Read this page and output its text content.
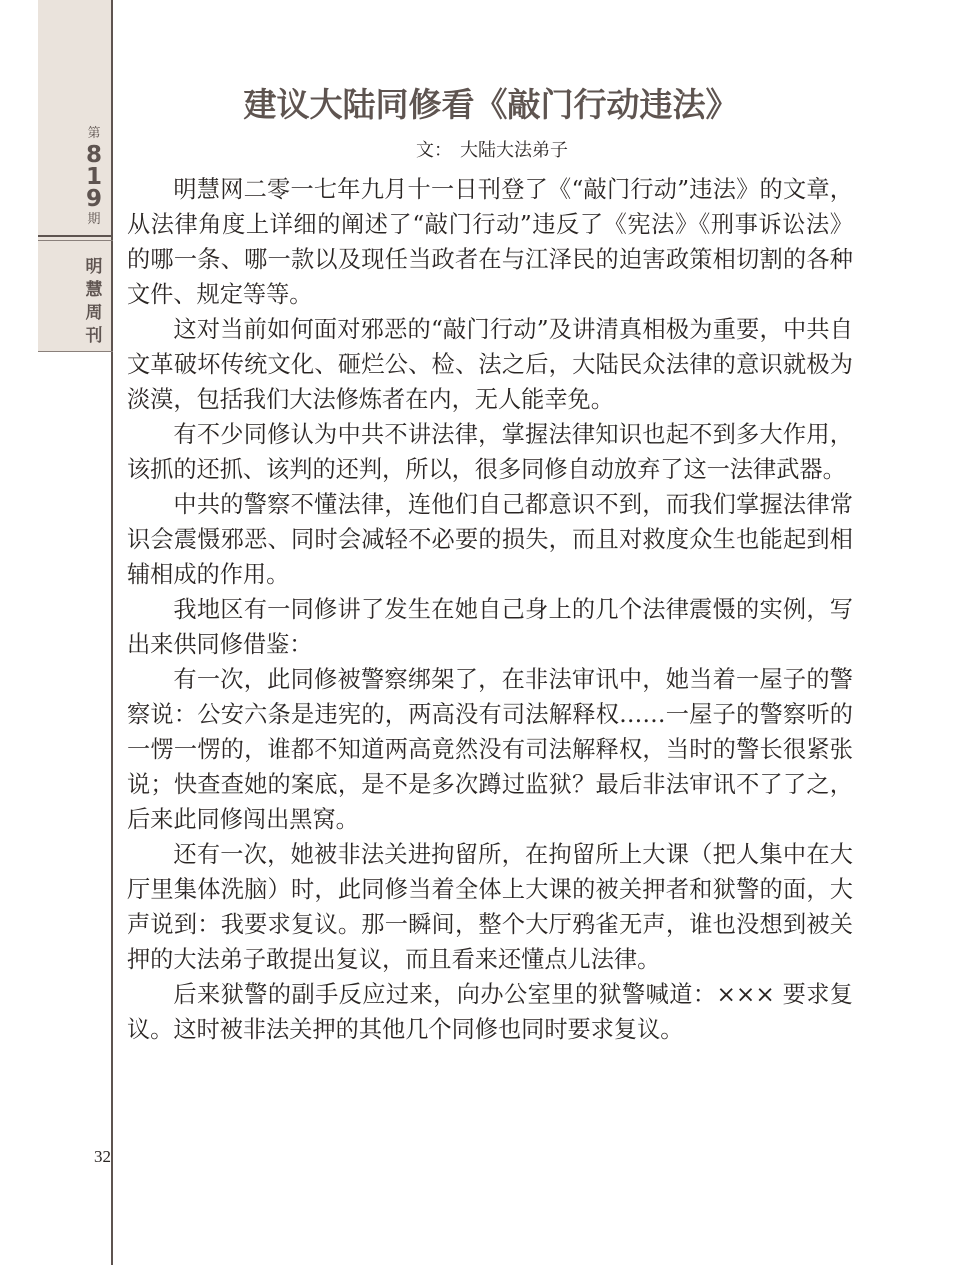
第
8
1
9
期
明
慧
周
刊
32
建议大陆同修看《敲门行动违法》
文： 大陆大法弟子

明慧网二零一七年九月十一日刊登了《“敲门行动”违法》的文章，从法律角度上详细的阐述了“敲门行动”违反了《宪法》《刑事诉讼法》的哪一条、哪一款以及现任当政者在与江泽民的迫害政策相切割的各种文件、规定等等。

这对当前如何面对邪恶的“敲门行动”及讲清真相极为重要，中共自文革破坏传统文化、砸烂公、检、法之后，大陆民众法律的意识就极为淡漠，包括我们大法修炼者在内，无人能幸免。

有不少同修认为中共不讲法律，掌握法律知识也起不到多大作用，该抓的还抓、该判的还判，所以，很多同修自动放弃了这一法律武器。

中共的警察不懂法律，连他们自己都意识不到，而我们掌握法律常识会震慑邪恶、同时会减轻不必要的损失，而且对救度众生也能起到相辅相成的作用。

我地区有一同修讲了发生在她自己身上的几个法律震慑的实例，写出来供同修借鉴：

有一次，此同修被警察绑架了，在非法审讯中，她当着一屋子的警察说：公安六条是违宪的，两高没有司法解释权……一屋子的警察听的一愣一愣的，谁都不知道两高竟然没有司法解释权，当时的警长很紧张说；快查查她的案底，是不是多次蹲过监狱？最后非法审讯不了了之，后来此同修闯出黑窝。

还有一次，她被非法关进拘留所，在拘留所上大课（把人集中在大厅里集体洗脑）时，此同修当着全体上大课的被关押者和狱警的面，大声说到：我要求复议。那一瞬间，整个大厅鸦雀无声，谁也没想到被关押的大法弟子敢提出复议，而且看来还懂点儿法律。

后来狱警的副手反应过来，向办公室里的狱警喊道：××× 要求复议。这时被非法关押的其他几个同修也同时要求复议。
